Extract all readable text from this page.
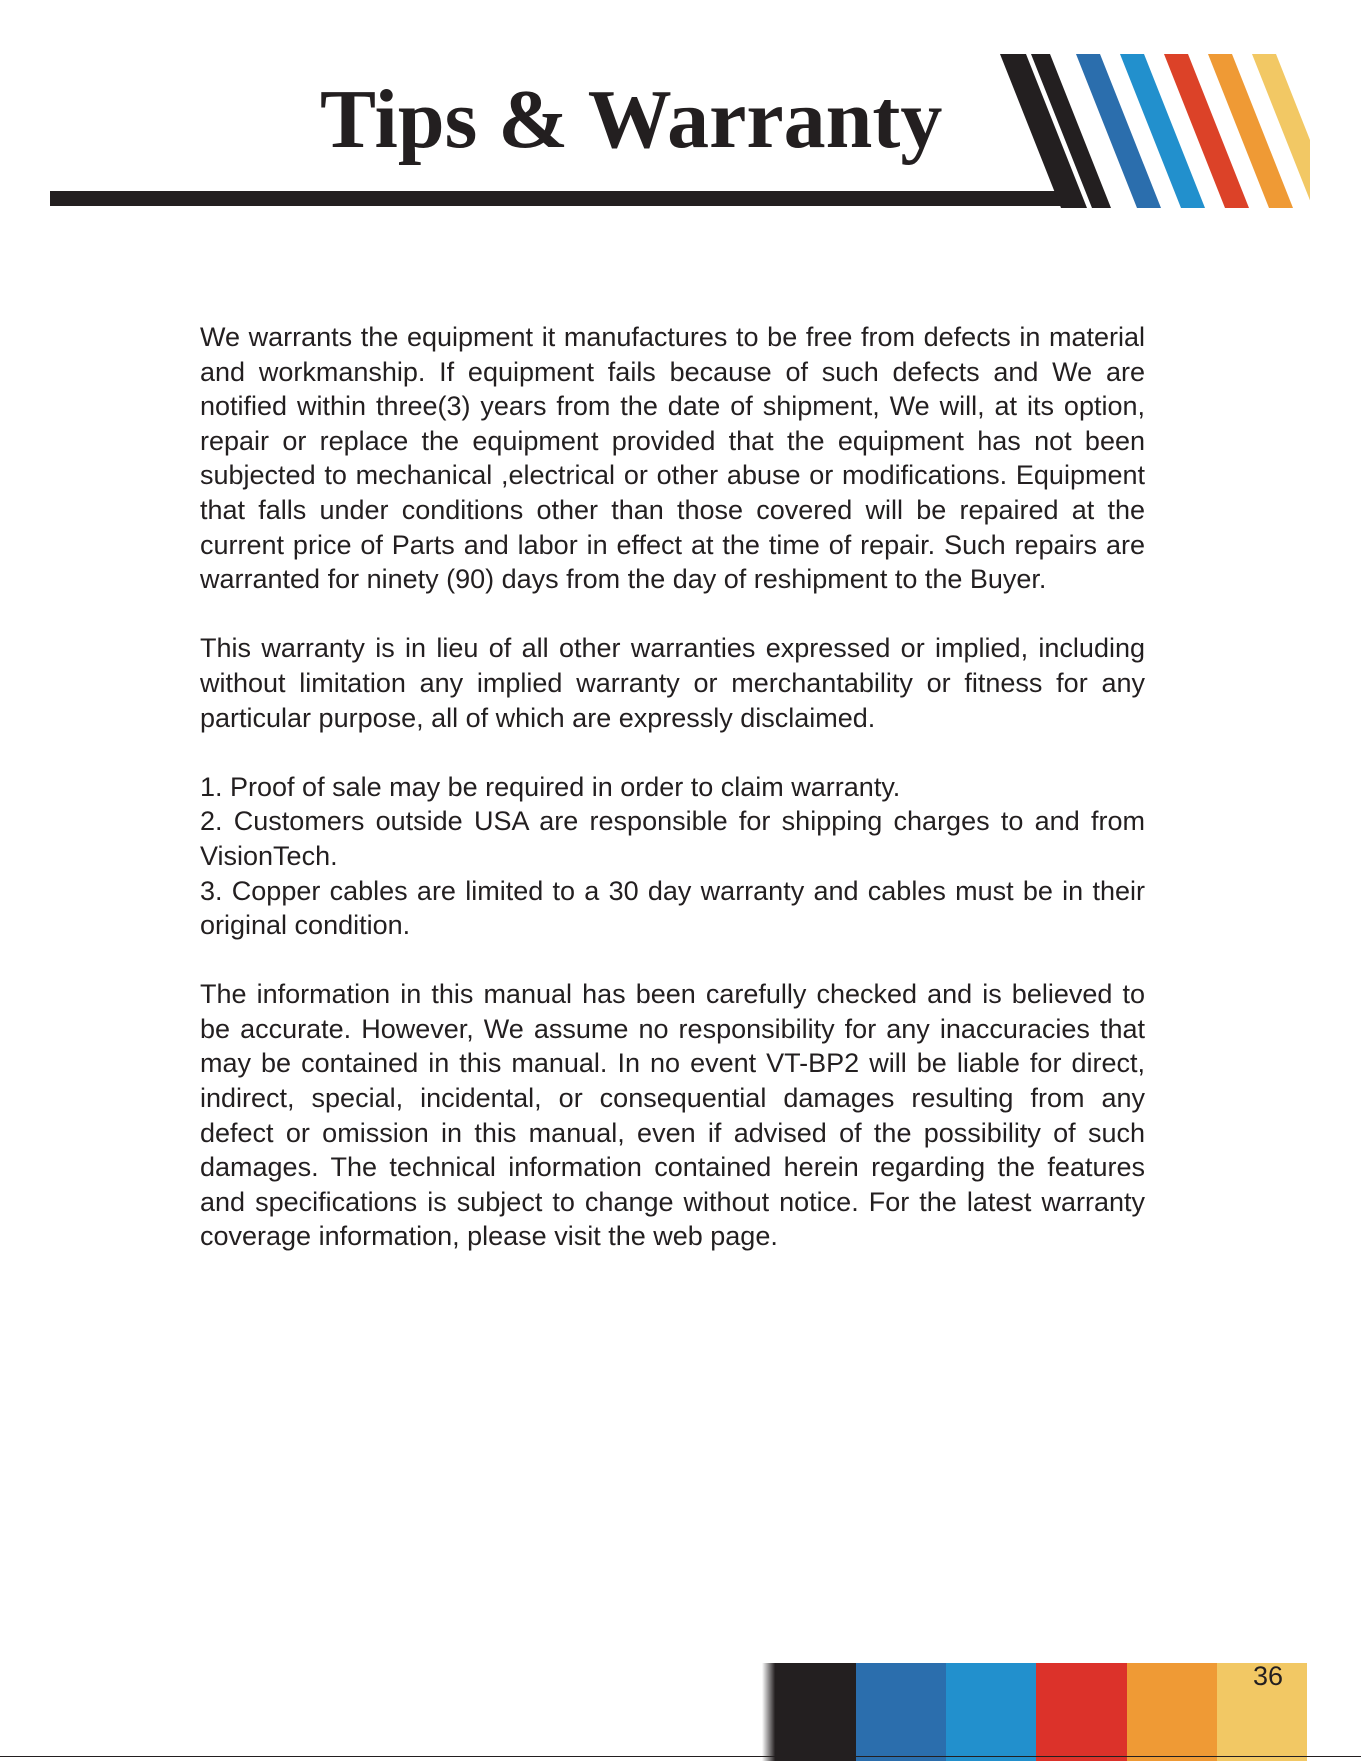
Tips & Warranty

We warrants the equipment it manufactures to be free from defects in material and workmanship. If equipment fails because of such defects and We are notified within three(3) years from the date of shipment, We will, at its option, repair or replace the equipment provided that the equipment has not been subjected to mechanical ,electrical or other abuse or modifications. Equipment that falls under conditions other than those covered will be repaired at the current price of Parts and labor in effect at the time of repair. Such repairs are warranted for ninety (90) days from the day of reshipment to the Buyer.

This warranty is in lieu of all other warranties expressed or implied, including without limitation any implied warranty or merchantability or fitness for any particular purpose, all of which are expressly disclaimed.

1. Proof of sale may be required in order to claim warranty.

2. Customers outside USA are responsible for shipping charges to and from VisionTech.

3. Copper cables are limited to a 30 day warranty and cables must be in their original condition.

The information in this manual has been carefully checked and is believed to be accurate. However, We assume no responsibility for any inaccuracies that may be contained in this manual. In no event VT-BP2 will be liable for direct, indirect, special, incidental, or consequential damages resulting from any defect or omission in this manual, even if advised of the possibility of such damages. The technical information contained herein regarding the features and specifications is subject to change without notice. For the latest warranty coverage information, please visit the web page.

36
